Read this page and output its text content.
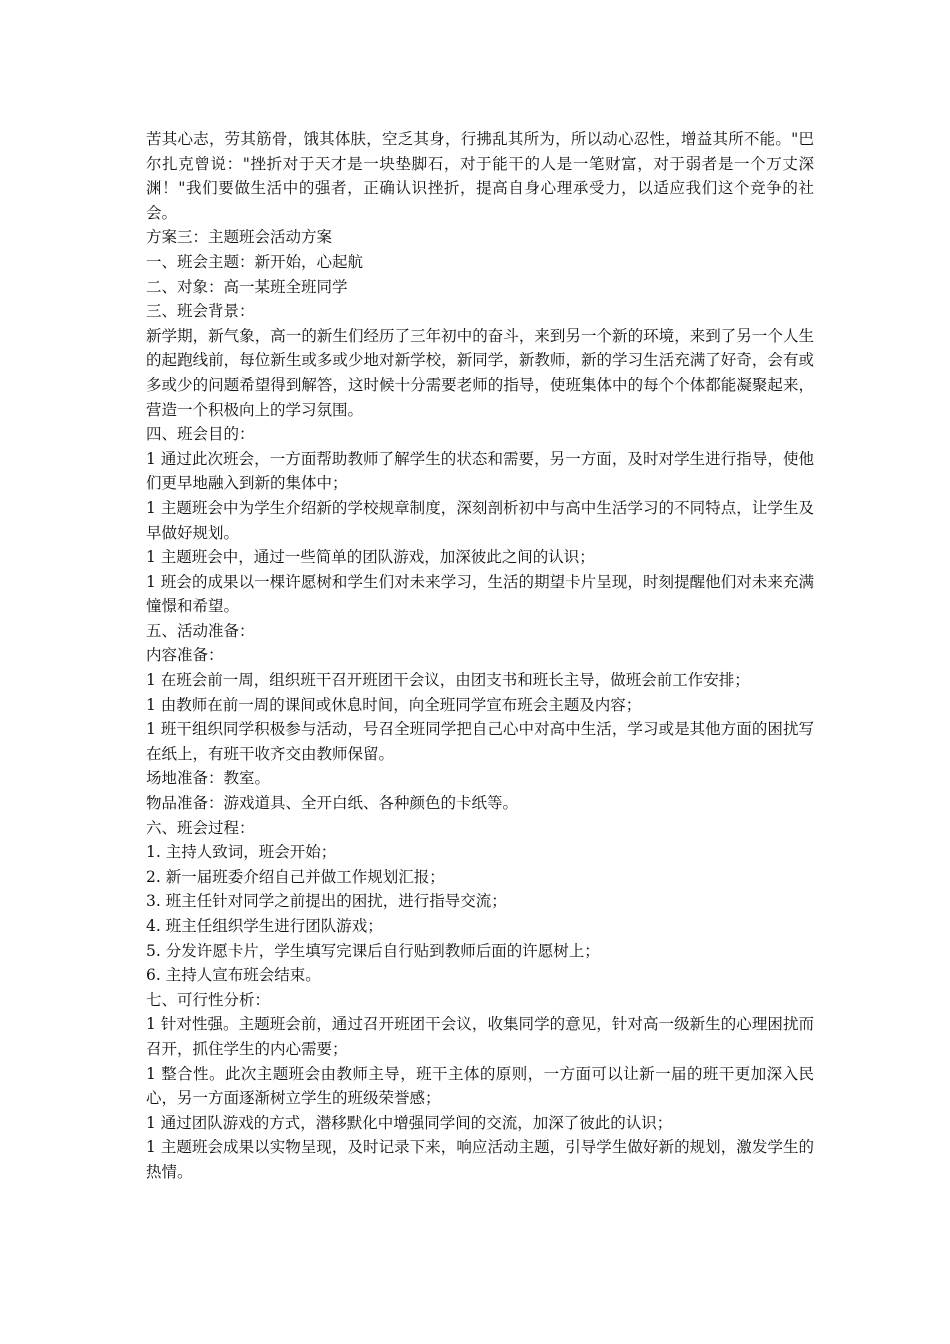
苦其心志，劳其筋骨，饿其体肤，空乏其身，行拂乱其所为，所以动心忍性，增益其所不能。"巴尔扎克曾说："挫折对于天才是一块垫脚石，对于能干的人是一笔财富，对于弱者是一个万丈深渊！"我们要做生活中的强者，正确认识挫折，提高自身心理承受力，以适应我们这个竞争的社会。

方案三：主题班会活动方案

一、班会主题：新开始，心起航

二、对象：高一某班全班同学

三、班会背景：

新学期，新气象，高一的新生们经历了三年初中的奋斗，来到另一个新的环境，来到了另一个人生的起跑线前，每位新生或多或少地对新学校，新同学，新教师，新的学习生活充满了好奇，会有或多或少的问题希望得到解答，这时候十分需要老师的指导，使班集体中的每个个体都能凝聚起来，营造一个积极向上的学习氛围。

四、班会目的：

1 通过此次班会，一方面帮助教师了解学生的状态和需要，另一方面，及时对学生进行指导，使他们更早地融入到新的集体中；

1 主题班会中为学生介绍新的学校规章制度，深刻剖析初中与高中生活学习的不同特点，让学生及早做好规划。

1 主题班会中，通过一些简单的团队游戏，加深彼此之间的认识；

1 班会的成果以一棵许愿树和学生们对未来学习，生活的期望卡片呈现，时刻提醒他们对未来充满憧憬和希望。

五、活动准备：

内容准备：

1 在班会前一周，组织班干召开班团干会议，由团支书和班长主导，做班会前工作安排；

1 由教师在前一周的课间或休息时间，向全班同学宣布班会主题及内容；

1 班干组织同学积极参与活动，号召全班同学把自己心中对高中生活，学习或是其他方面的困扰写在纸上，有班干收齐交由教师保留。

场地准备：教室。

物品准备：游戏道具、全开白纸、各种颜色的卡纸等。

六、班会过程：

1. 主持人致词，班会开始；

2. 新一届班委介绍自己并做工作规划汇报；

3. 班主任针对同学之前提出的困扰，进行指导交流；

4. 班主任组织学生进行团队游戏；

5. 分发许愿卡片，学生填写完课后自行贴到教师后面的许愿树上；

6. 主持人宣布班会结束。

七、可行性分析：

1 针对性强。主题班会前，通过召开班团干会议，收集同学的意见，针对高一级新生的心理困扰而召开，抓住学生的内心需要；

1 整合性。此次主题班会由教师主导，班干主体的原则，一方面可以让新一届的班干更加深入民心，另一方面逐渐树立学生的班级荣誉感；

1 通过团队游戏的方式，潜移默化中增强同学间的交流，加深了彼此的认识；

1 主题班会成果以实物呈现，及时记录下来，响应活动主题，引导学生做好新的规划，激发学生的热情。
